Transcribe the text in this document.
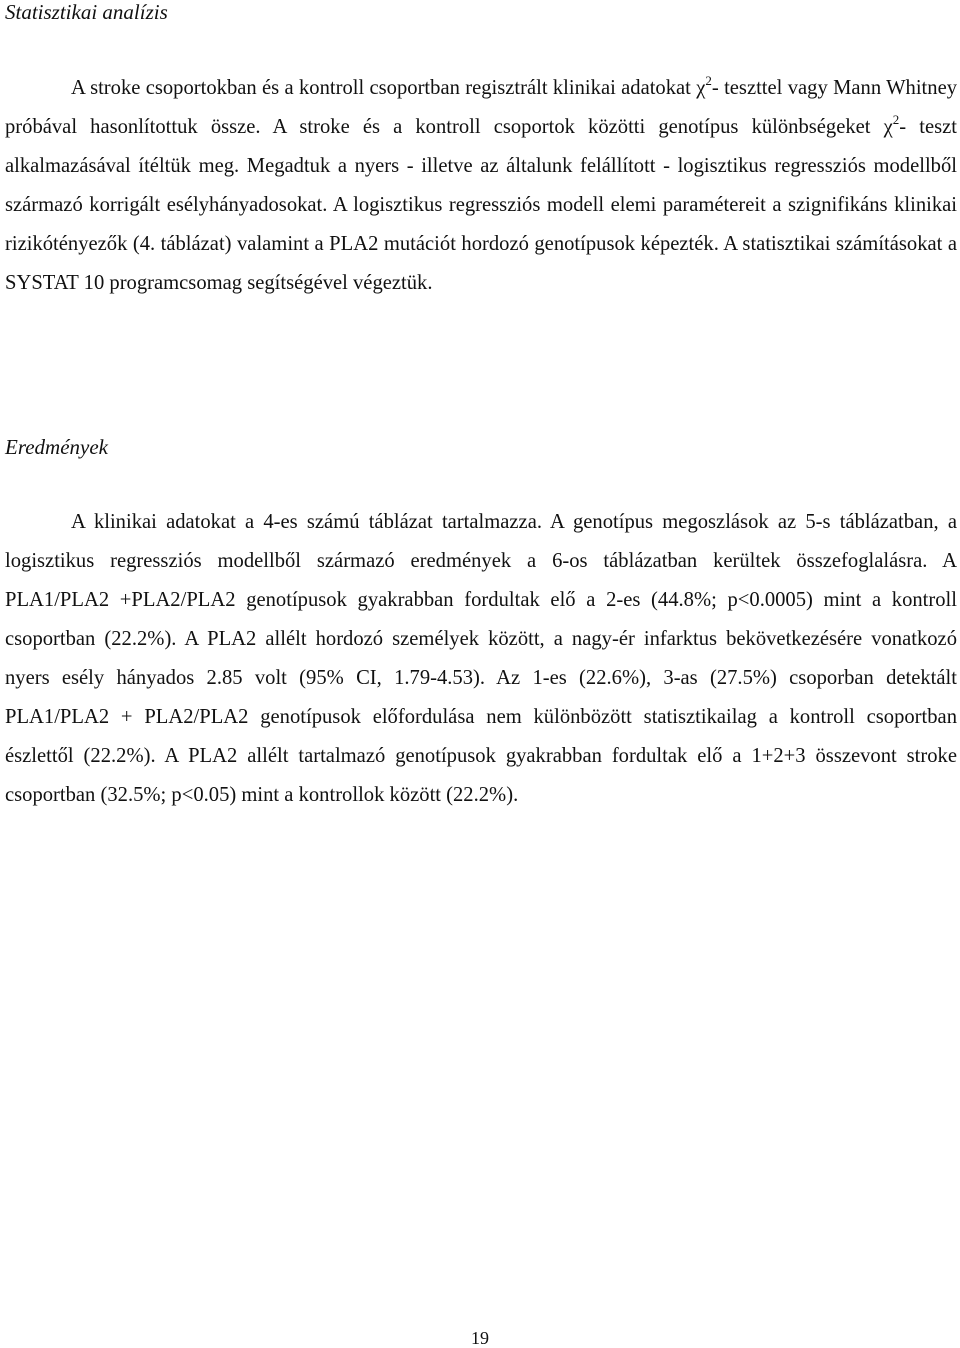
Statisztikai analízis

A stroke csoportokban és a kontroll csoportban regisztrált klinikai adatokat $\chi^2-$ teszttel vagy Mann Whitney próbával hasonlítottuk össze. A stroke és a kontroll csoportok közötti genotípus különbségeket $\chi^2-$ teszt alkalmazásával ítéltük meg. Megadtuk a nyers - illetve az általunk felállított - logisztikus regressziós modellből származó korrigált esélyhányadosokat. A logisztikus regressziós modell elemi paramétereit a szignifikáns klinikai rizikótényezők (4. táblázat) valamint a PLA2 mutációt hordozó genotípusok képezték. A statisztikai számításokat a SYSTAT 10 programcsomag segítségével végeztük.

Eredmények

A klinikai adatokat a 4-es számú táblázat tartalmazza. A genotípus megoszlások az 5-s táblázatban, a logisztikus regressziós modellből származó eredmények a 6-os táblázatban kerültek összefoglalásra. A PLA1/PLA2 +PLA2/PLA2 genotípusok gyakrabban fordultak elő a 2-es (44.8%; p<0.0005) mint a kontroll csoportban (22.2%). A PLA2 allélt hordozó személyek között, a nagy-ér infarktus bekövetkezésére vonatkozó nyers esély hányados 2.85 volt (95% CI, 1.79-4.53). Az 1-es (22.6%), 3-as (27.5%) csoporban detektált PLA1/PLA2 + PLA2/PLA2 genotípusok előfordulása nem különbözött statisztikailag a kontroll csoportban észlettől (22.2%). A PLA2 allélt tartalmazó genotípusok gyakrabban fordultak elő a 1+2+3 összevont stroke csoportban (32.5%; p<0.05) mint a kontrollok között (22.2%).

19
